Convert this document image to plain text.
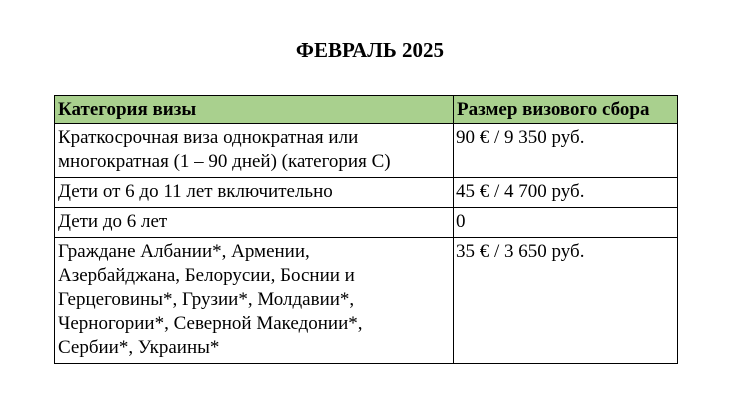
ФЕВРАЛЬ 2025
Категория визы	Размер визового сбора
Краткосрочная виза однократная или
многократная (1 – 90 дней) (категория C)	90 € / 9 350 руб.
Дети от 6 до 11 лет включительно	45 € / 4 700 руб.
Дети до 6 лет	0
Граждане Албании*, Армении,
Азербайджана, Белорусии, Боснии и
Герцеговины*, Грузии*, Молдавии*,
Черногории*, Северной Македонии*,
Сербии*, Украины*	35 € / 3 650 руб.
